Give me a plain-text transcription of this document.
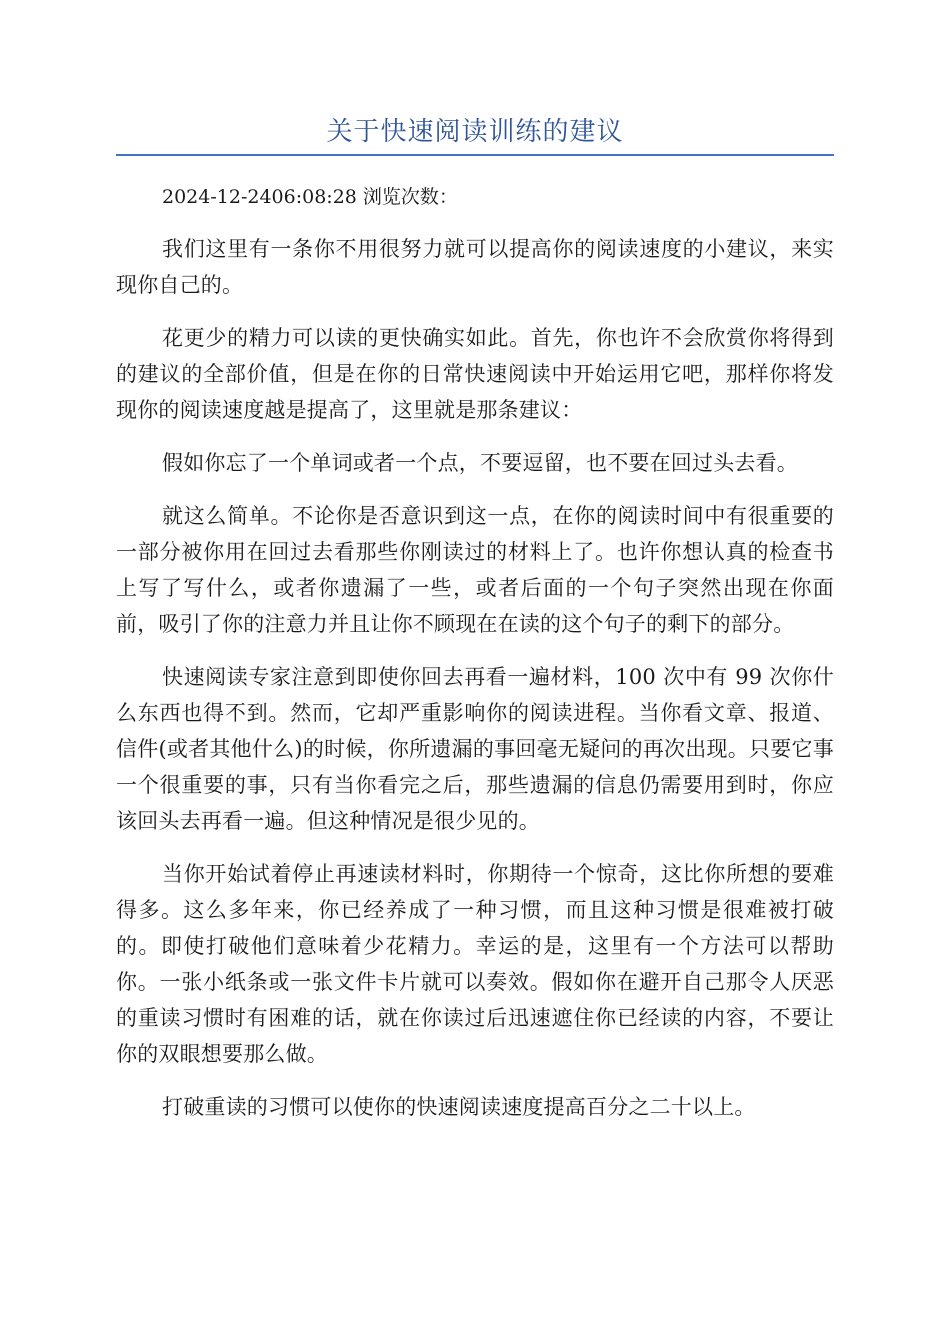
关于快速阅读训练的建议
2024-12-2406:08:28 浏览次数：

我们这里有一条你不用很努力就可以提高你的阅读速度的小建议，来实现你自己的。

花更少的精力可以读的更快确实如此。首先，你也许不会欣赏你将得到的建议的全部价值，但是在你的日常快速阅读中开始运用它吧，那样你将发现你的阅读速度越是提高了，这里就是那条建议：

假如你忘了一个单词或者一个点，不要逗留，也不要在回过头去看。

就这么简单。不论你是否意识到这一点，在你的阅读时间中有很重要的一部分被你用在回过去看那些你刚读过的材料上了。也许你想认真的检查书上写了写什么，或者你遗漏了一些，或者后面的一个句子突然出现在你面前，吸引了你的注意力并且让你不顾现在在读的这个句子的剩下的部分。

快速阅读专家注意到即使你回去再看一遍材料，100 次中有 99 次你什么东西也得不到。然而，它却严重影响你的阅读进程。当你看文章、报道、信件(或者其他什么)的时候，你所遗漏的事回毫无疑问的再次出现。只要它事一个很重要的事，只有当你看完之后，那些遗漏的信息仍需要用到时，你应该回头去再看一遍。但这种情况是很少见的。

当你开始试着停止再速读材料时，你期待一个惊奇，这比你所想的要难得多。这么多年来，你已经养成了一种习惯，而且这种习惯是很难被打破的。即使打破他们意味着少花精力。幸运的是，这里有一个方法可以帮助你。一张小纸条或一张文件卡片就可以奏效。假如你在避开自己那令人厌恶的重读习惯时有困难的话，就在你读过后迅速遮住你已经读的内容，不要让你的双眼想要那么做。

打破重读的习惯可以使你的快速阅读速度提高百分之二十以上。
